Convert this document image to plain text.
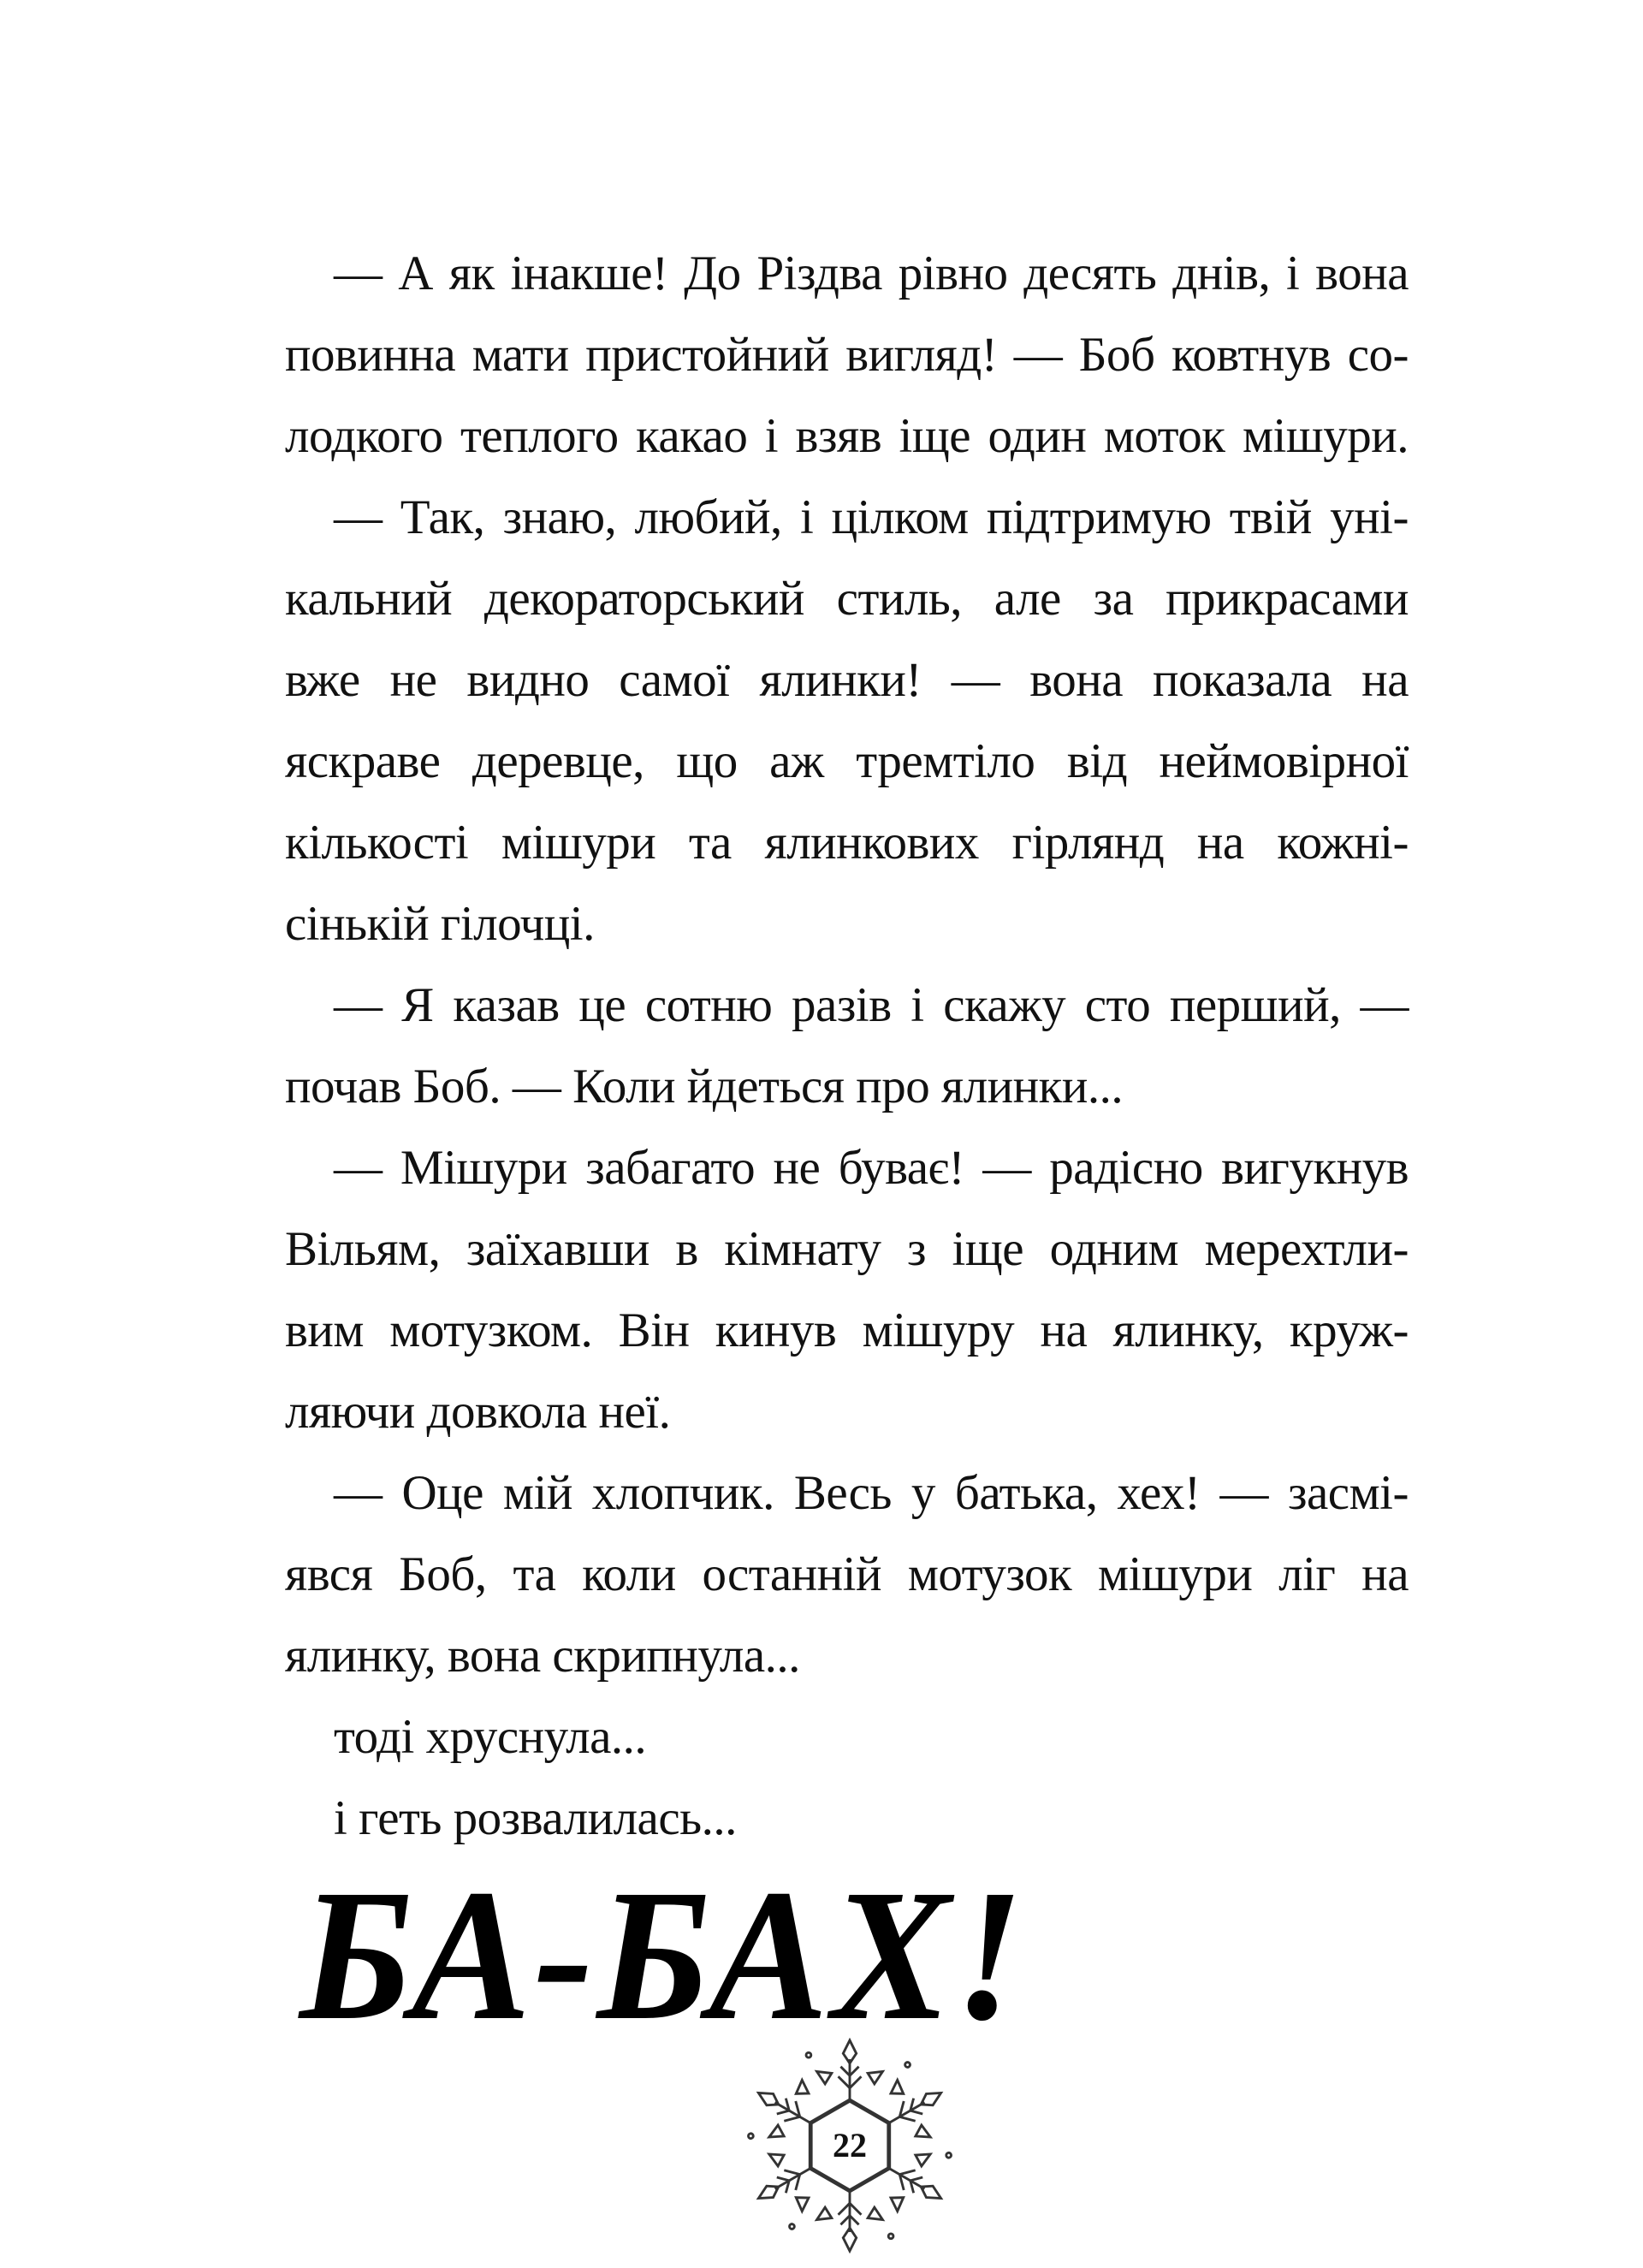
— А як інакше! До Різдва рівно десять днів, і вона
повинна мати пристойний вигляд! — Боб ковтнув со-
лодкого теплого какао і взяв іще один моток мішури.
— Так, знаю, любий, і цілком підтримую твій уні-
кальний декораторський стиль, але за прикрасами
вже не видно самої ялинки! — вона показала на
яскраве деревце, що аж тремтіло від неймовірної
кількості мішури та ялинкових гірлянд на кожні-
сінькій гілочці.
— Я казав це сотню разів і скажу сто перший, —
почав Боб. — Коли йдеться про ялинки...
— Мішури забагато не буває! — радісно вигукнув
Вільям, заїхавши в кімнату з іще одним мерехтли-
вим мотузком. Він кинув мішуру на ялинку, круж-
ляючи довкола неї.
— Оце мій хлопчик. Весь у батька, хех! — засмі-
явся Боб, та коли останній мотузок мішури ліг на
ялинку, вона скрипнула...
тоді хруснула...
і геть розвалилась...
БА-БАХ!
22
